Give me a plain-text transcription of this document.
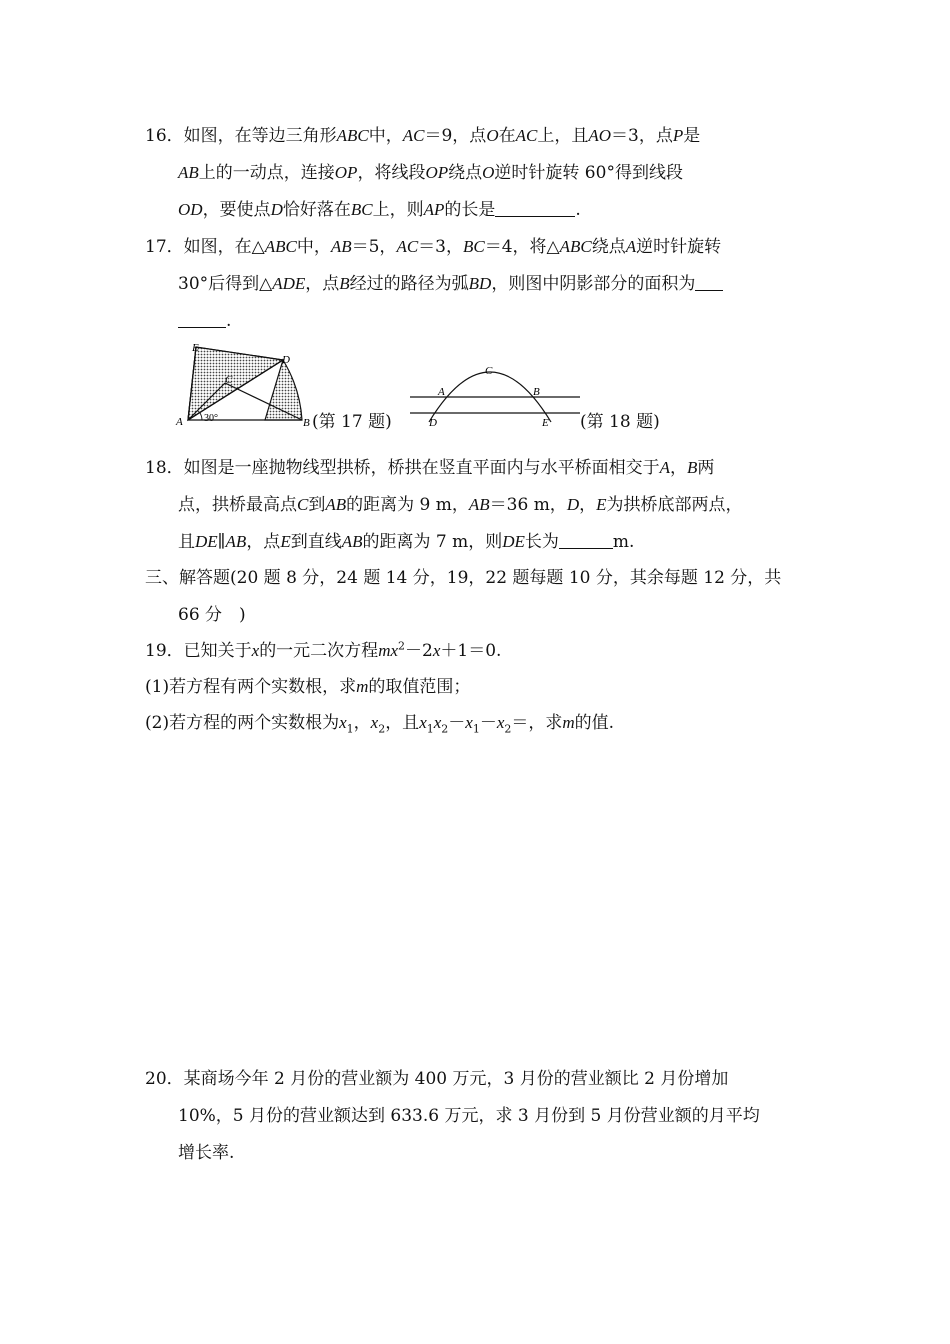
16．如图，在等边三角形ABC中，AC＝9，点O在AC上，且AO＝3，点P是
AB上的一动点，连接OP，将线段OP绕点O逆时针旋转 60°得到线段
OD，要使点D恰好落在BC上，则AP的长是	.
17．如图，在△ABC中，AB＝5，AC＝3，BC＝4，将△ABC绕点A逆时针旋转
30°后得到△ADE，点B经过的路径为弧BD，则图中阴影部分的面积为
.
E
D
C
A	B
30°	(第 17 题)
A	B
C
D	E (第 18 题)
18．如图是一座抛物线型拱桥，桥拱在竖直平面内与水平桥面相交于A，B两
点，拱桥最高点C到AB的距离为 9 m，AB＝36 m，D，E为拱桥底部两点，
且DE∥AB，点E到直线AB的距离为 7 m，则DE长为	m.
三、解答题(20 题 8 分，24 题 14 分，19，22 题每题 10 分，其余每题 12 分，共
66 分　)
19．已知关于x的一元二次方程$mx^2-2x+1=0$.
(1)若方程有两个实数根，求m的取值范围；
(2)若方程的两个实数根为$x_1$，$x_2$，且$x_1x_2-x_1-x_2=$，求m的值.
20．某商场今年 2 月份的营业额为 400 万元，3 月份的营业额比 2 月份增加
10%，5 月份的营业额达到 633.6 万元，求 3 月份到 5 月份营业额的月平均
增长率.
